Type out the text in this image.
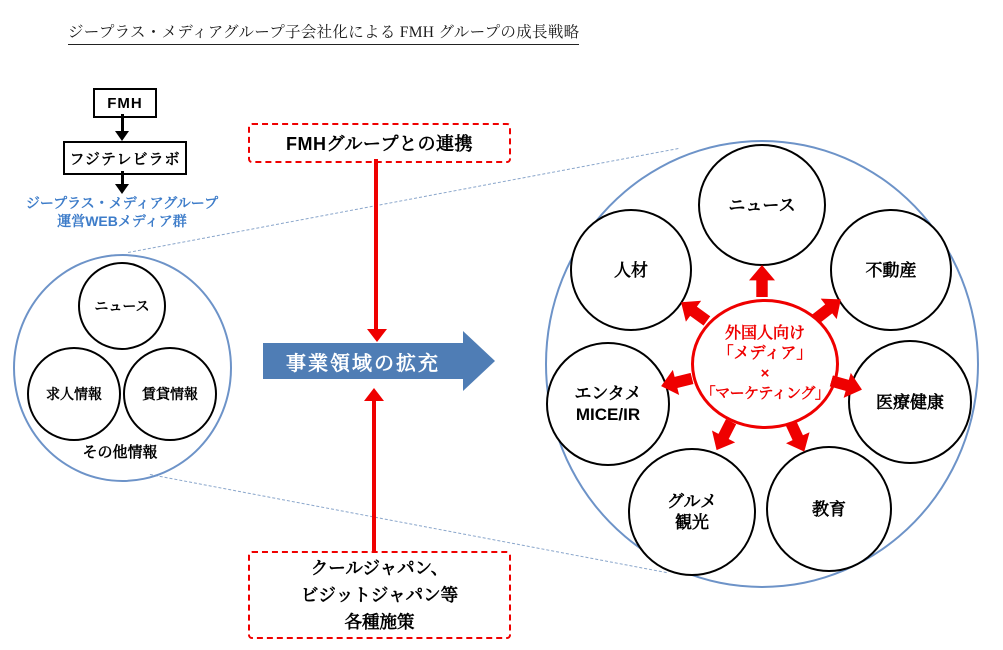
ジープラス・メディアグループ子会社化による FMH グループの成長戦略
FMH
フジテレビラボ
ジープラス・メディアグループ
運営WEBメディア群
ニュース
求人情報	賃貸情報
その他情報
FMHグループとの連携
事業領域の拡充
クールジャパン、
ビジットジャパン等
各種施策
ニュース
人材	不動産
エンタメ
MICE/IR
医療健康
グルメ
観光
教育
外国人向け
「メディア」
×
「マーケティング」
